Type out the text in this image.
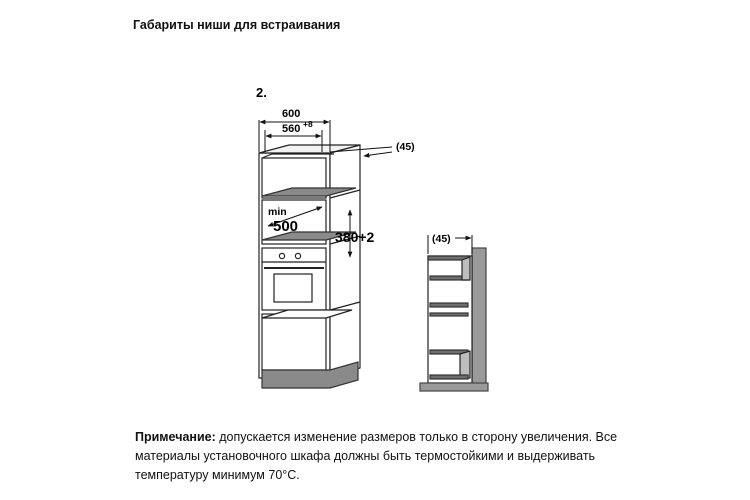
Габариты ниши для встраивания
2.
600
560 +8
(45)
min
500
380+2	(45)
Примечание: допускается изменение размеров только в сторону увеличения. Все
материалы установочного шкафа должны быть термостойкими и выдерживать
температуру минимум 70°С.
